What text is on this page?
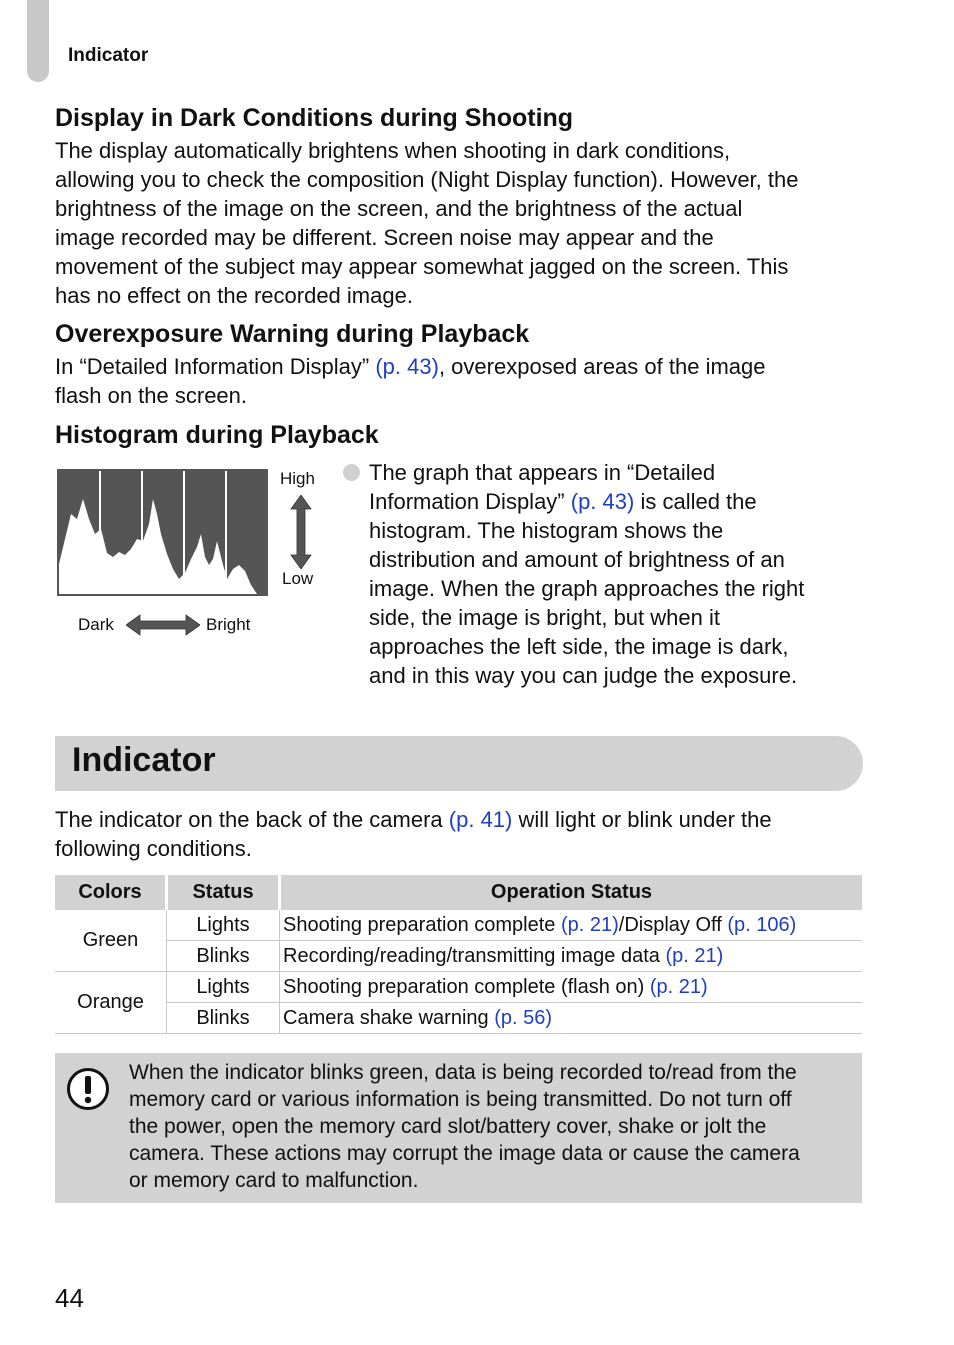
Indicator
Display in Dark Conditions during Shooting

The display automatically brightens when shooting in dark conditions,
allowing you to check the composition (Night Display function). However, the
brightness of the image on the screen, and the brightness of the actual
image recorded may be different. Screen noise may appear and the
movement of the subject may appear somewhat jagged on the screen. This
has no effect on the recorded image.

Overexposure Warning during Playback

In “Detailed Information Display” (p. 43), overexposed areas of the image
flash on the screen.

Histogram during Playback
High
Low
Dark	Bright

The graph that appears in “Detailed
Information Display” (p. 43) is called the
histogram. The histogram shows the
distribution and amount of brightness of an
image. When the graph approaches the right
side, the image is bright, but when it
approaches the left side, the image is dark,
and in this way you can judge the exposure.

Indicator

The indicator on the back of the camera (p. 41) will light or blink under the
following conditions.

Colors	Status	Operation Status
Green	Lights	Shooting preparation complete (p. 21)/Display Off (p. 106)
	Blinks	Recording/reading/transmitting image data (p. 21)
Orange	Lights	Shooting preparation complete (flash on) (p. 21)
	Blinks	Camera shake warning (p. 56)

When the indicator blinks green, data is being recorded to/read from the
memory card or various information is being transmitted. Do not turn off
the power, open the memory card slot/battery cover, shake or jolt the
camera. These actions may corrupt the image data or cause the camera
or memory card to malfunction.

44
